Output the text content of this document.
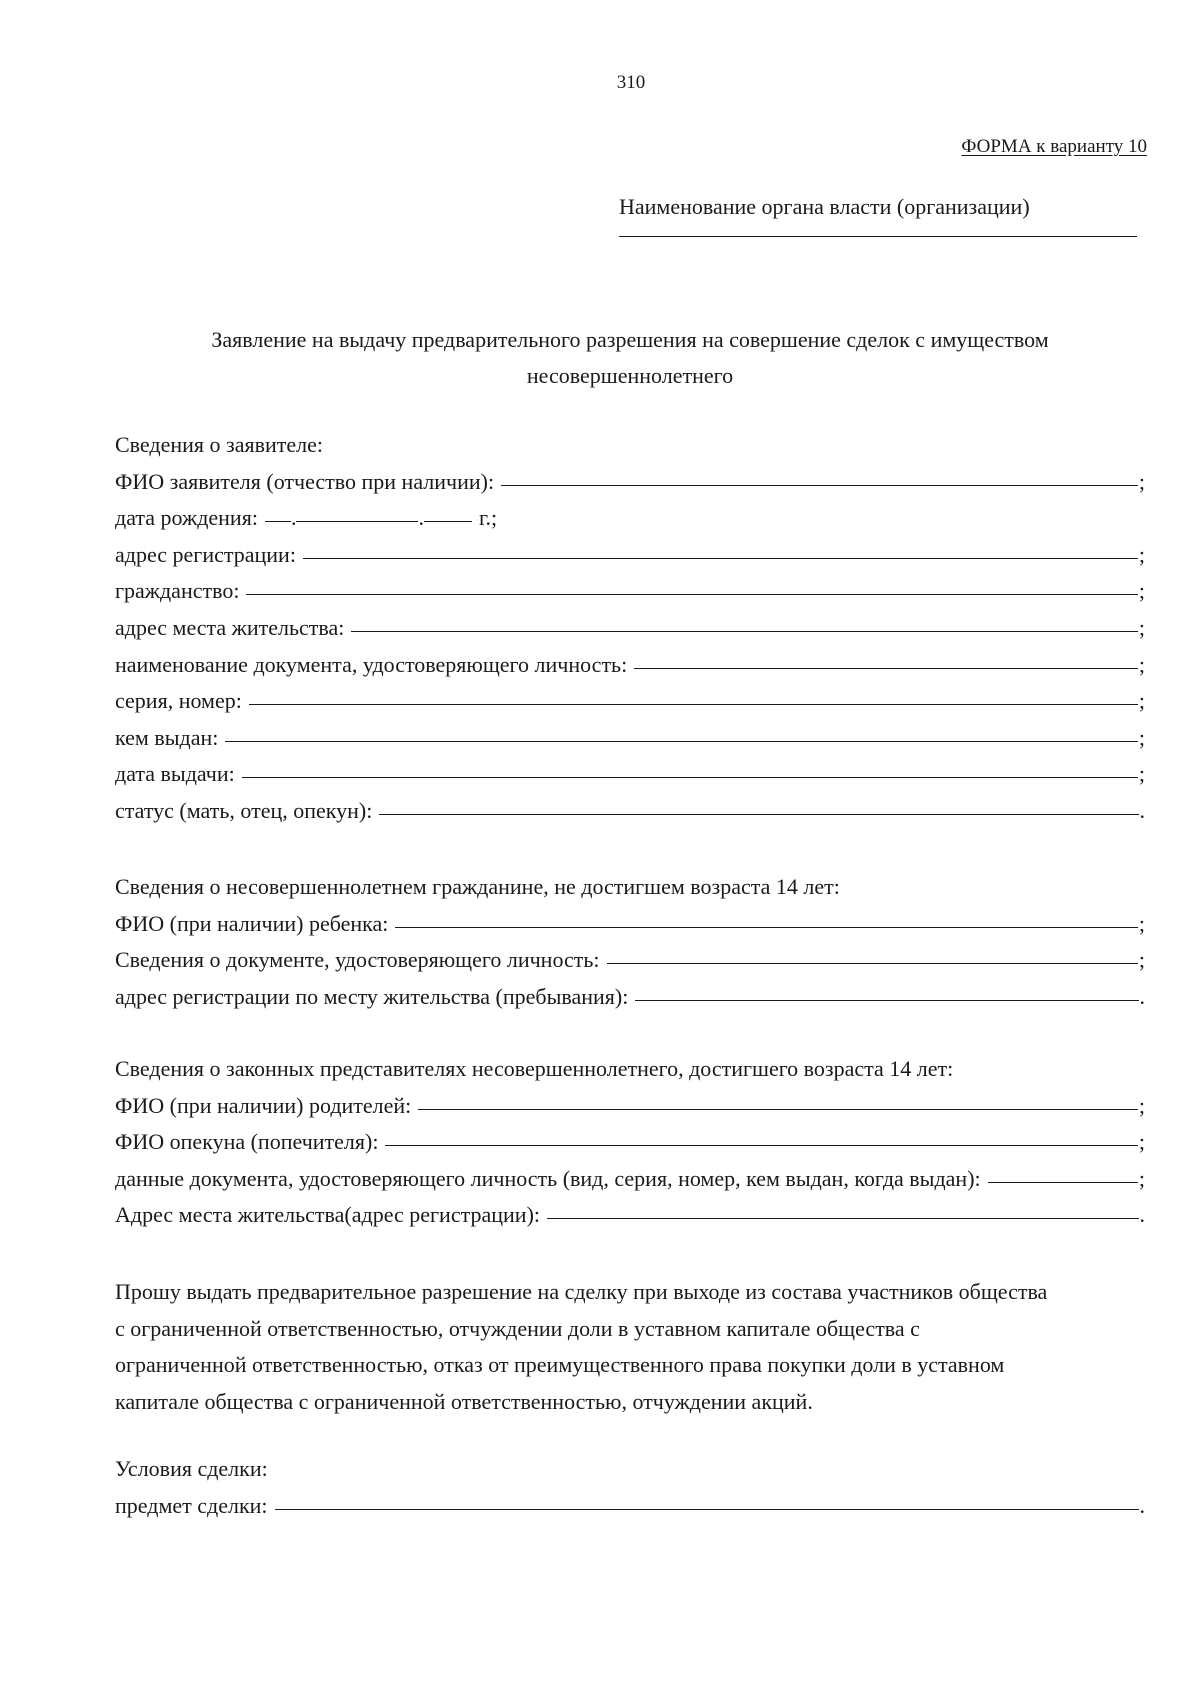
310
ФОРМА к варианту 10
Наименование органа власти (организации)
Заявление на выдачу предварительного разрешения на совершение сделок с имуществом
несовершеннолетнего
Сведения о заявителе:
ФИО заявителя (отчество при наличии):	;
дата рождения: .	.	г.;
адрес регистрации:	;
гражданство:	;
адрес места жительства:	;
наименование документа, удостоверяющего личность:	;
серия, номер:	;
кем выдан:	;
дата выдачи:	;
статус (мать, отец, опекун):	.
Сведения о несовершеннолетнем гражданине, не достигшем возраста 14 лет:
ФИО (при наличии) ребенка:	;
Сведения о документе, удостоверяющего личность:	;
адрес регистрации по месту жительства (пребывания):	.
Сведения о законных представителях несовершеннолетнего, достигшего возраста 14 лет:
ФИО (при наличии) родителей:	;
ФИО опекуна (попечителя):	;
данные документа, удостоверяющего личность (вид, серия, номер, кем выдан, когда выдан):	;
Адрес места жительства(адрес регистрации):	.
Прошу выдать предварительное разрешение на сделку при выходе из состава участников общества
с ограниченной ответственностью, отчуждении доли в уставном капитале общества с
ограниченной ответственностью, отказ от преимущественного права покупки доли в уставном
капитале общества с ограниченной ответственностью, отчуждении акций.
Условия сделки:
предмет сделки:	.
